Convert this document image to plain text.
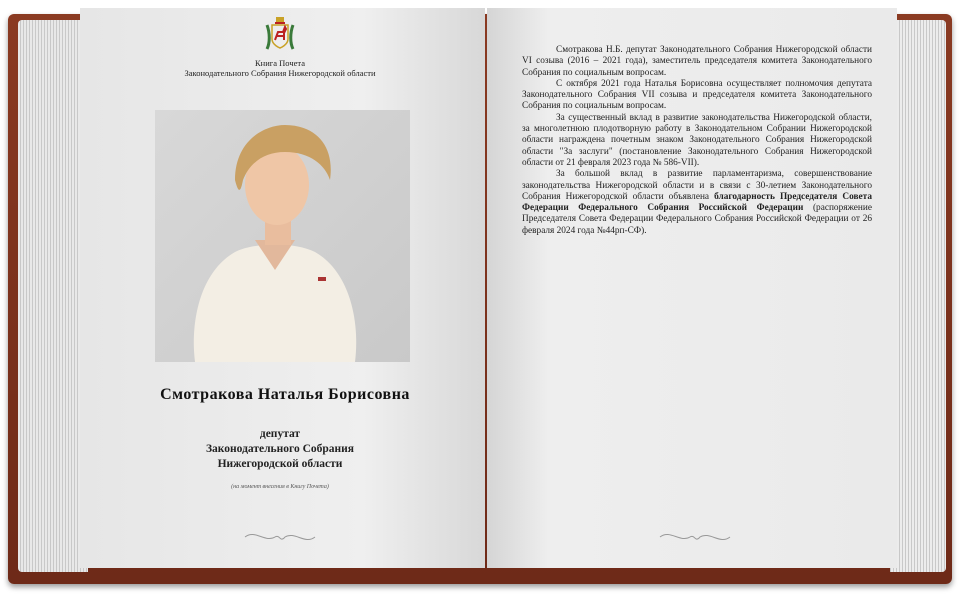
Книга Почета
Законодательного Собрания Нижегородской области
Смотракова Наталья Борисовна
депутат
Законодательного Собрания
Нижегородской области
(на момент внесения в Книгу Почета)

Смотракова Н.Б. депутат Законодательного Собрания Нижегородской области VI созыва (2016 – 2021 года), заместитель председателя комитета Законодательного Собрания по социальным вопросам.

С октября 2021 года Наталья Борисовна осуществляет полномочия депутата Законодательного Собрания VII созыва и председателя комитета Законодательного Собрания по социальным вопросам.

За существенный вклад в развитие законодательства Нижегородской области, за многолетнюю плодотворную работу в Законодательном Собрании Нижегородской области награждена почетным знаком Законодательного Собрания Нижегородской области "За заслуги" (постановление Законодательного Собрания Нижегородской области от 21 февраля 2023 года № 586-VII).

За большой вклад в развитие парламентаризма, совершенствование законодательства Нижегородской области и в связи с 30-летием Законодательного Собрания Нижегородской области объявлена благодарность Председателя Совета Федерации Федерального Собрания Российской Федерации (распоряжение Председателя Совета Федерации Федерального Собрания Российской Федерации от 26 февраля 2024 года №44рп-СФ).
